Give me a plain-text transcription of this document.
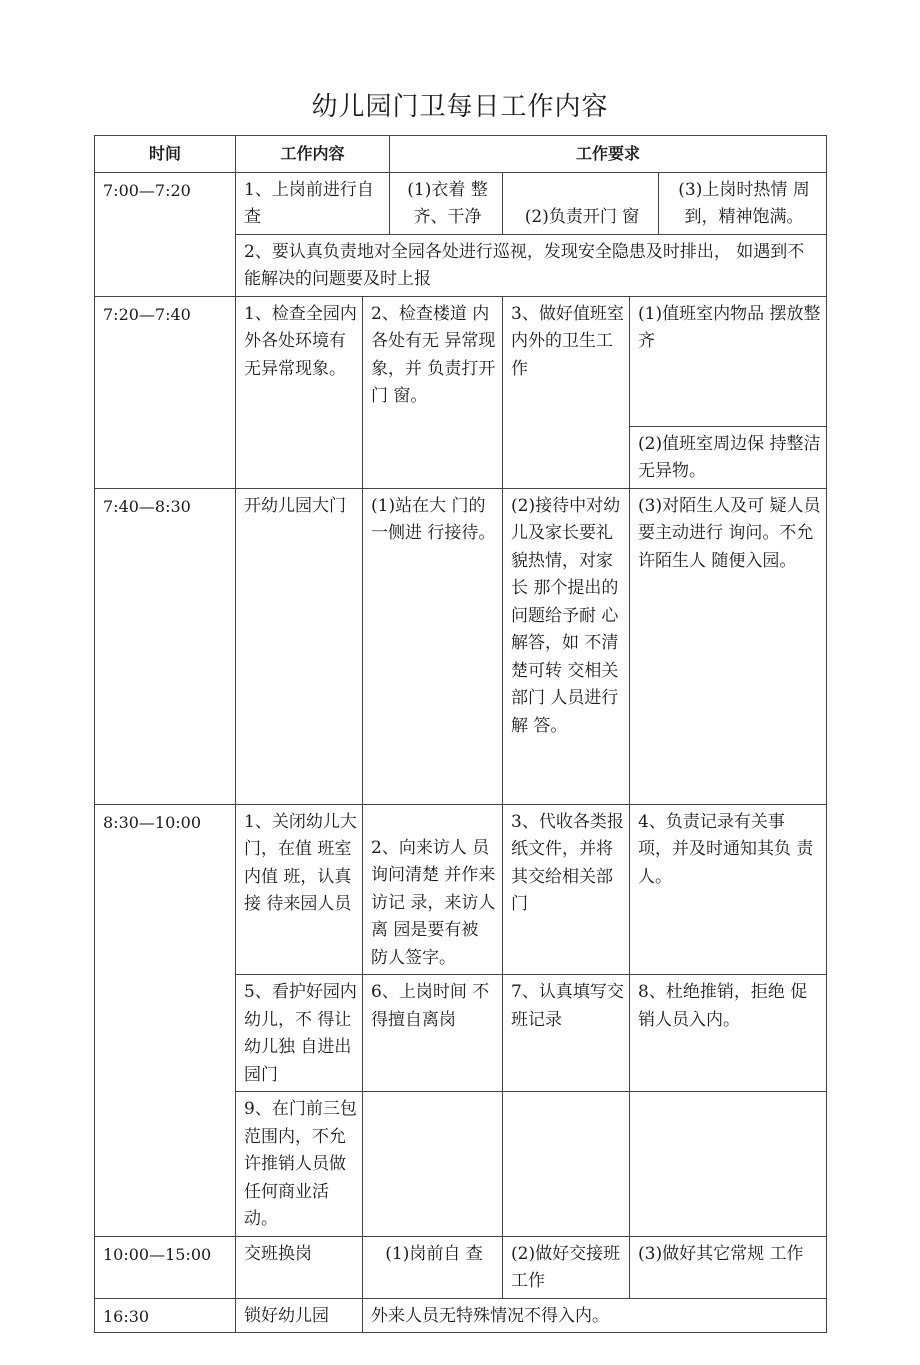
幼儿园门卫每日工作内容
时间	工作内容		工作要求			
7:00—7:20	1、上岗前进行自查		(1)衣着 整 齐、干净	(2)负责开门 窗		(3)上岗时热情 周 到，精神饱满。
	2、要认真负责地对全园各处进行巡视，发现安全隐患及时排出， 如遇到不能解决的问题要及时上报					
7:20—7:40	1、检查全园内外各处环境有无异常现象。	2、检查楼道 内各处有无 异常现象，并 负责打开门 窗。		3、做好值班室内外的卫生工作	(1)值班室内物品 摆放整齐	
					(2)值班室周边保 持整洁无异物。	
7:40—8:30	开幼儿园大门	(1)站在大 门的一侧进 行接待。		(2)接待中对幼儿及家长要礼貌热情，对家长 那个提出的 问题给予耐 心解答，如 不清楚可转 交相关部门 人员进行解 答。	(3)对陌生人及可 疑人员要主动进行 询问。不允许陌生人 随便入园。	
8:30—10:00	1、关闭幼儿大门，在值 班室内值 班，认真接 待来园人员	2、向来访人 员询问清楚 并作来访记 录，来访人离 园是要有被 防人签字。		3、代收各类报纸文件，并将其交给相关部门	4、负责记录有关事 项，并及时通知其负 责人。	
	5、看护好园内幼儿，不 得让幼儿独 自进出园门	6、上岗时间 不得擅自离岗		7、认真填写交班记录	8、杜绝推销，拒绝 促销人员入内。	
	9、在门前三包范围内，不允许推销人员做任何商业活动。					
10:00—15:00	交班换岗	(1)岗前自 查		(2)做好交接班工作	(3)做好其它常规 工作	
16:30	锁好幼儿园	外来人员无特殊情况不得入内。				
